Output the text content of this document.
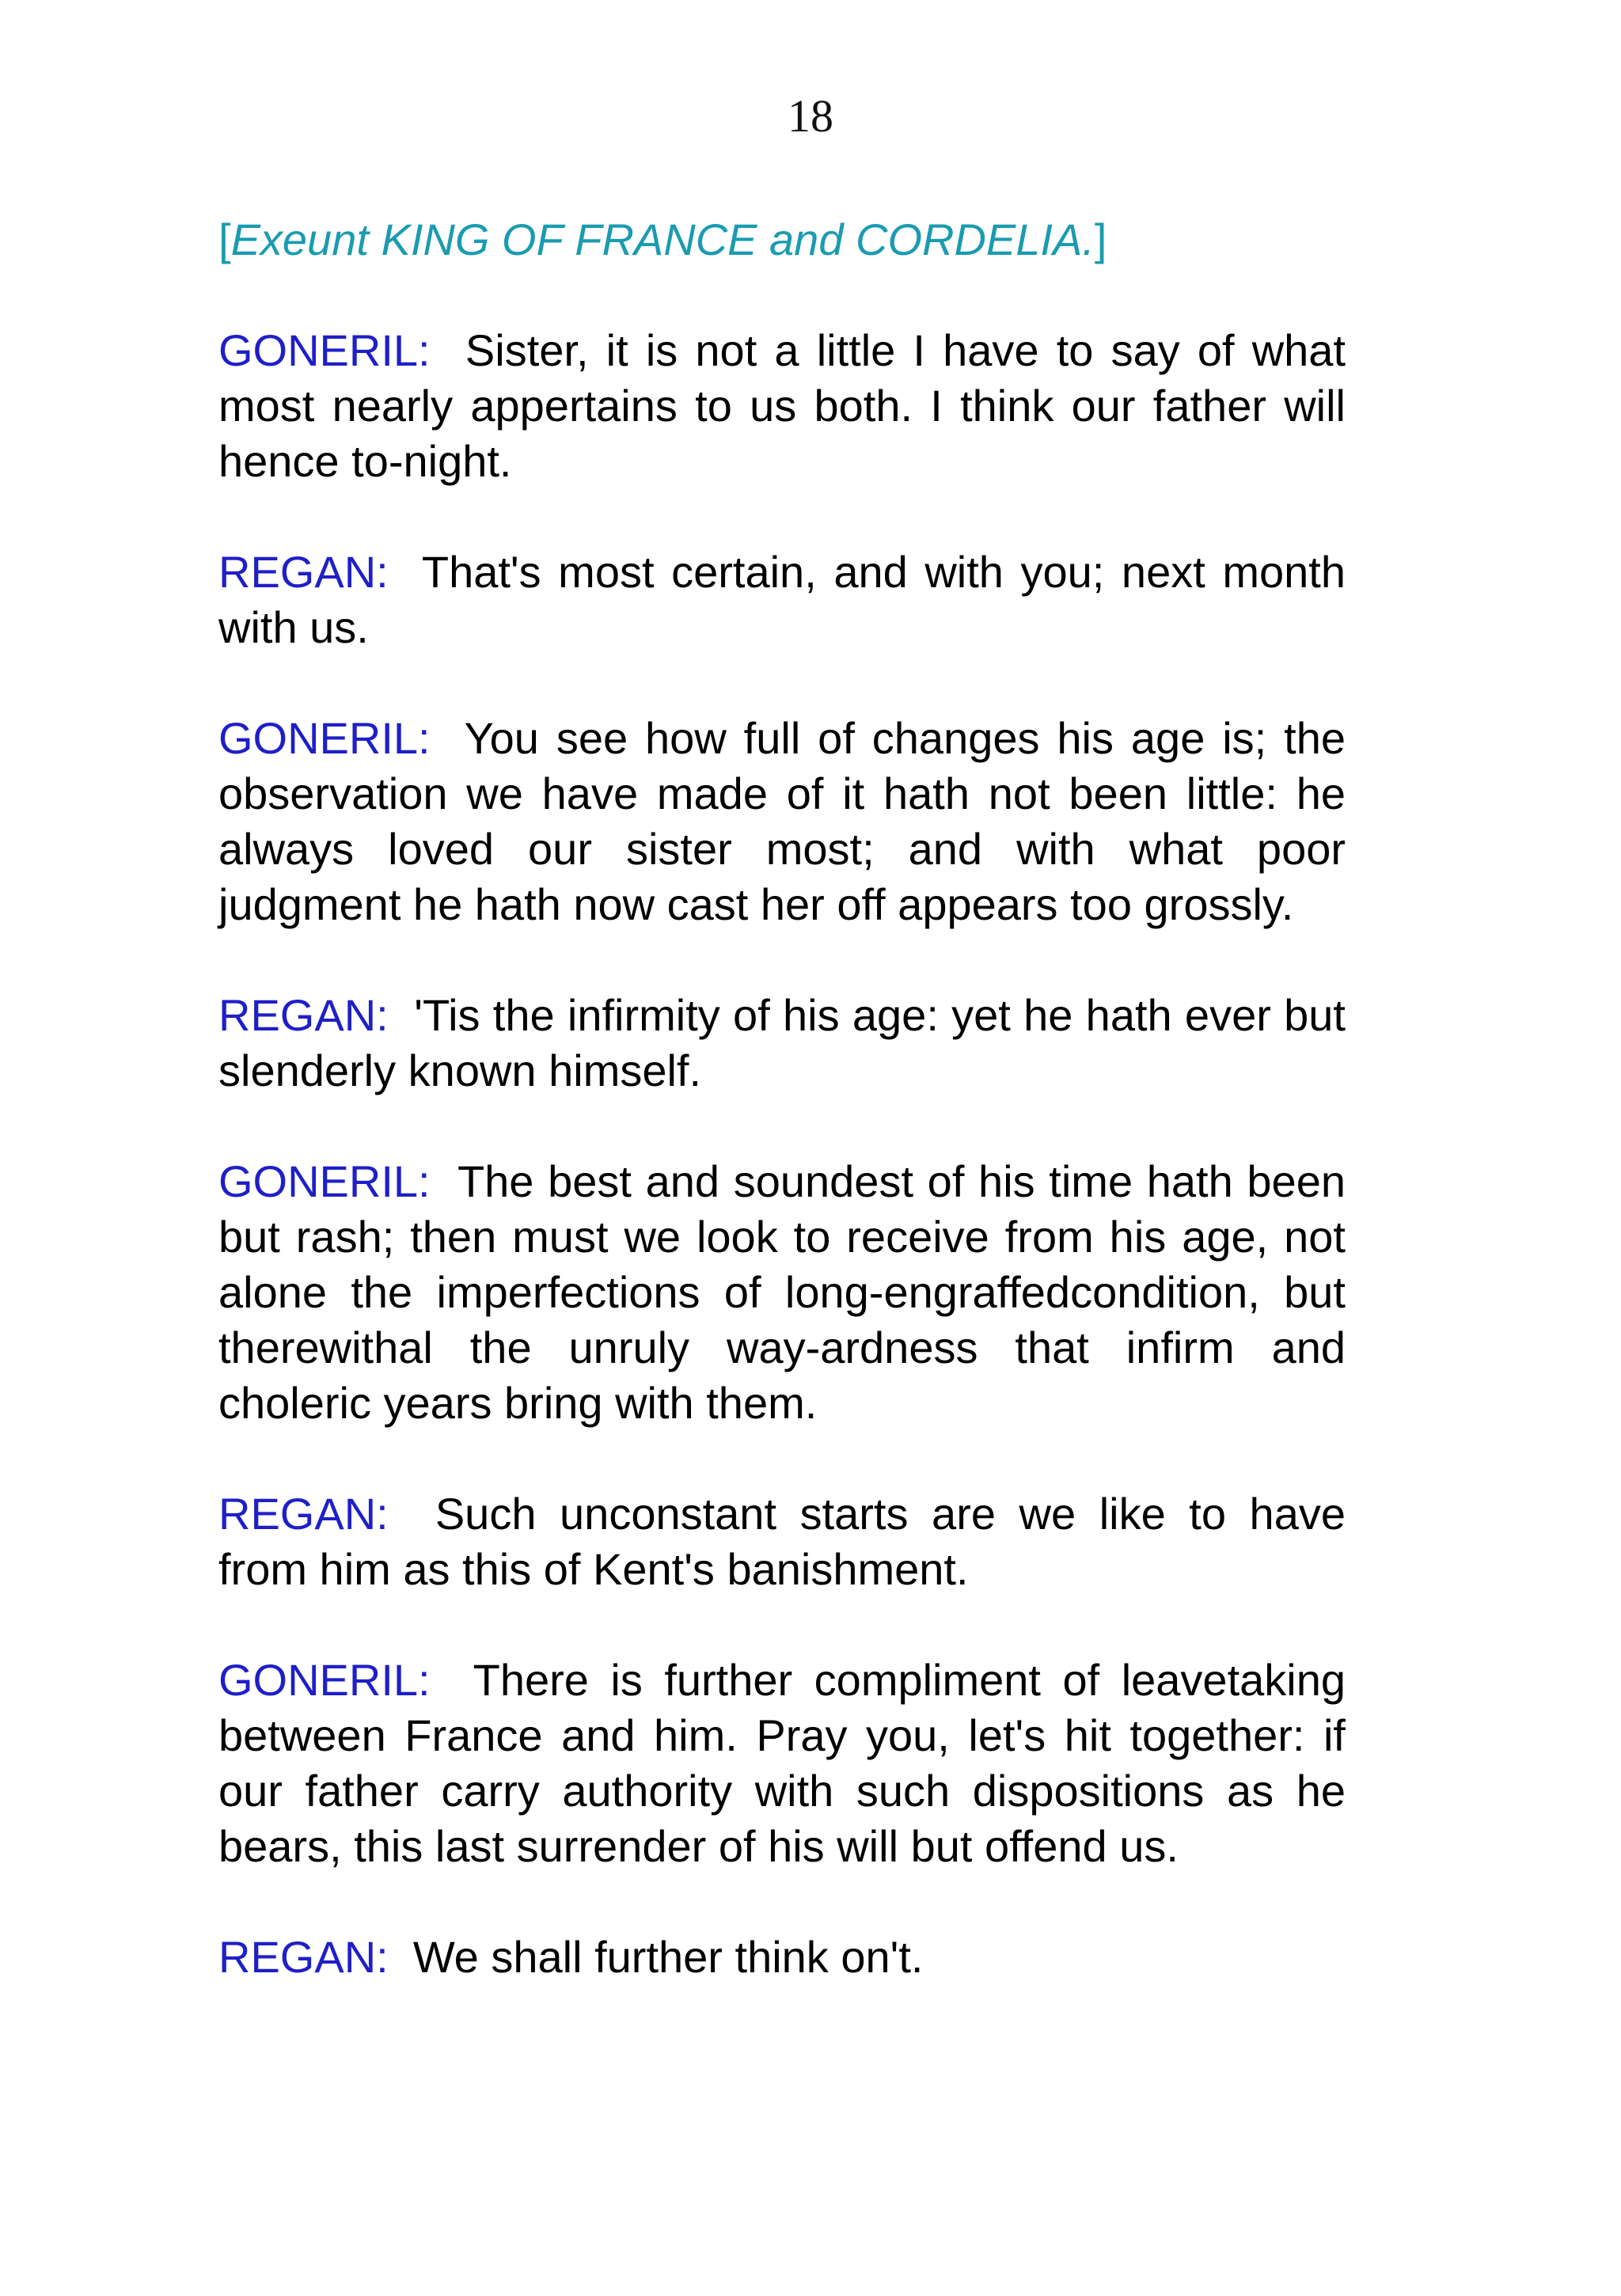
18

[Exeunt KING OF FRANCE and CORDELIA.]

GONERIL: Sister, it is not a little I have to say of what most nearly appertains to us both. I think our father will hence to-night.

REGAN: That's most certain, and with you; next month with us.

GONERIL: You see how full of changes his age is; the observation we have made of it hath not been little: he always loved our sister most; and with what poor judgment he hath now cast her off appears too grossly.

REGAN: 'Tis the infirmity of his age: yet he hath ever but slenderly known himself.

GONERIL: The best and soundest of his time hath been but rash; then must we look to receive from his age, not alone the imperfections of long-engraffedcondition, but therewithal the unruly way-ardness that infirm and choleric years bring with them.

REGAN: Such unconstant starts are we like to have from him as this of Kent's banishment.

GONERIL: There is further compliment of leavetaking between France and him. Pray you, let's hit together: if our father carry authority with such dispositions as he bears, this last surrender of his will but offend us.

REGAN: We shall further think on't.
